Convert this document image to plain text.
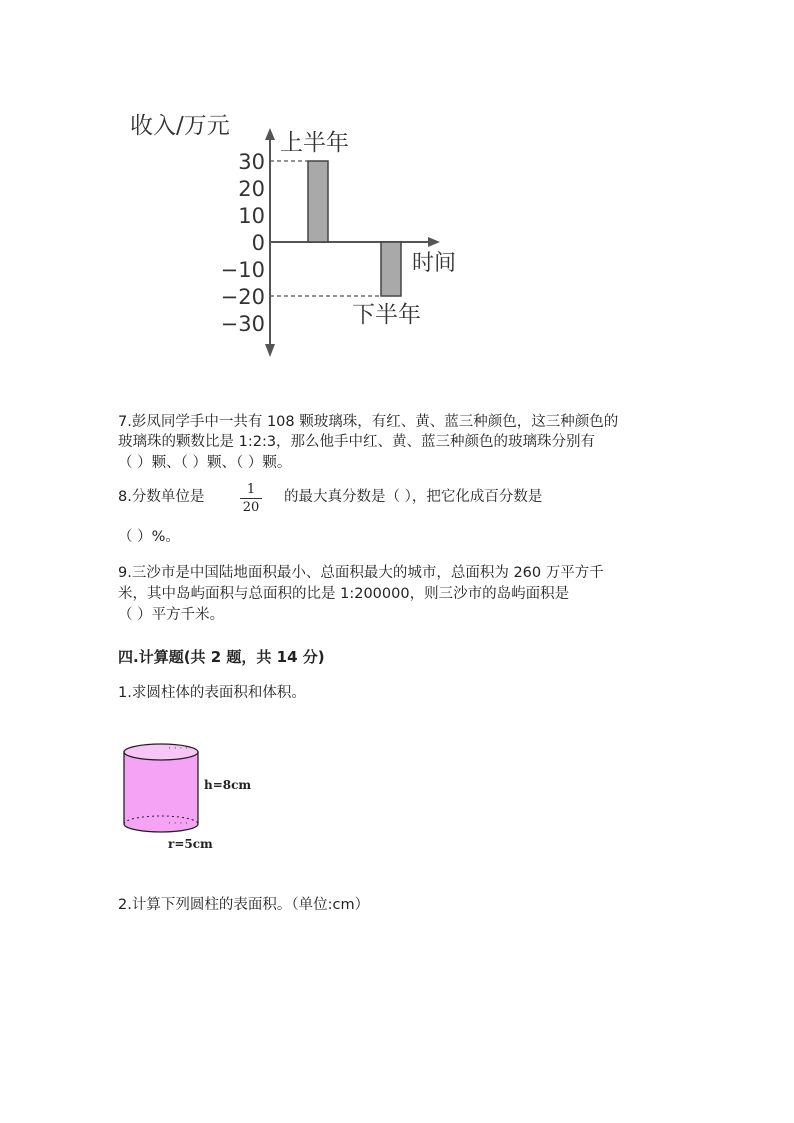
收入/万元
时间
30
20
10
0
−10
−20
−30
上半年
下半年
7.彭凤同学手中一共有 108 颗玻璃珠，有红、黄、蓝三种颜色，这三种颜色的
玻璃珠的颗数比是 1:2:3，那么他手中红、黄、蓝三种颜色的玻璃珠分别有
（ ）颗、（ ）颗、（ ）颗。
8.分数单位是	1
20
的最大真分数是（ ），把它化成百分数是
（ ）%。
9.三沙市是中国陆地面积最小、总面积最大的城市，总面积为 260 万平方千
米，其中岛屿面积与总面积的比是 1:200000，则三沙市的岛屿面积是
（ ）平方千米。
四.计算题(共 2 题，共 14 分)
1.求圆柱体的表面积和体积。
· · · ·
· · · ·
h=8cm
r=5cm
2.计算下列圆柱的表面积。（单位:cm）
